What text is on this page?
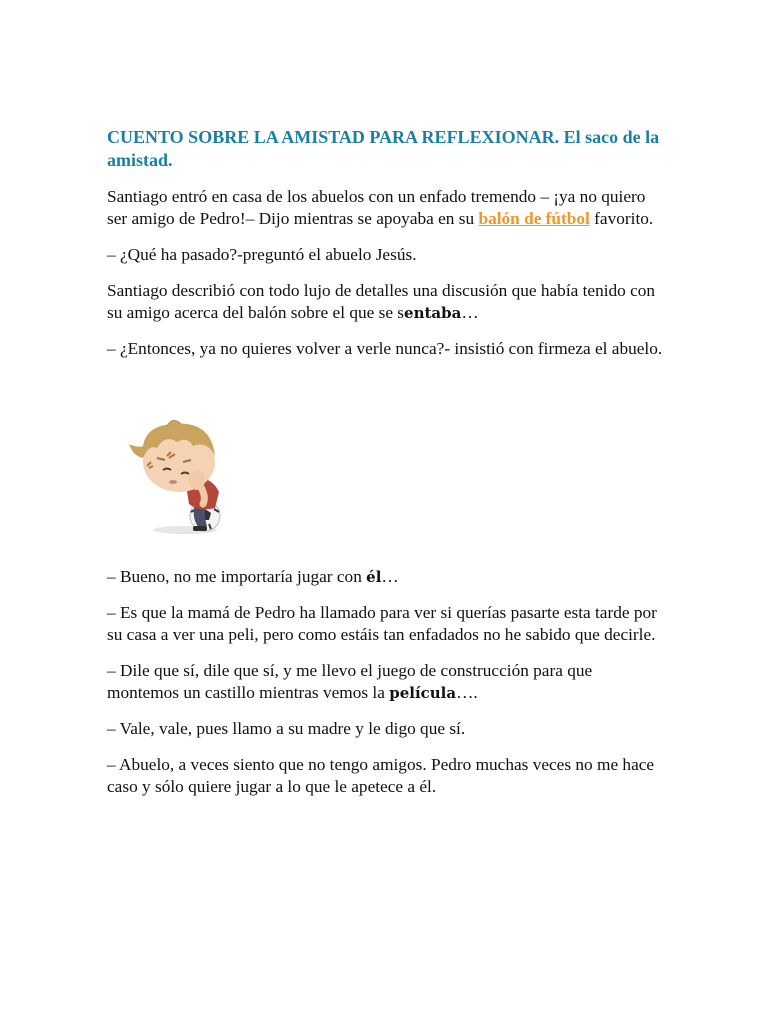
CUENTO SOBRE LA AMISTAD PARA REFLEXIONAR. El saco de la amistad.

Santiago entró en casa de los abuelos con un enfado tremendo – ¡ya no quiero ser amigo de Pedro!– Dijo mientras se apoyaba en su balón de fútbol favorito.

– ¿Qué ha pasado?-preguntó el abuelo Jesús.

Santiago describió con todo lujo de detalles una discusión que había tenido con su amigo acerca del balón sobre el que se sentaba…

– ¿Entonces, ya no quieres volver a verle nunca?- insistió con firmeza el abuelo.

– Bueno, no me importaría jugar con él…

– Es que la mamá de Pedro ha llamado para ver si querías pasarte esta tarde por su casa a ver una peli, pero como estáis tan enfadados no he sabido que decirle.

– Dile que sí, dile que sí, y me llevo el juego de construcción para que montemos un castillo mientras vemos la película….

– Vale, vale, pues llamo a su madre y le digo que sí.

– Abuelo, a veces siento que no tengo amigos. Pedro muchas veces no me hace caso y sólo quiere jugar a lo que le apetece a él.
